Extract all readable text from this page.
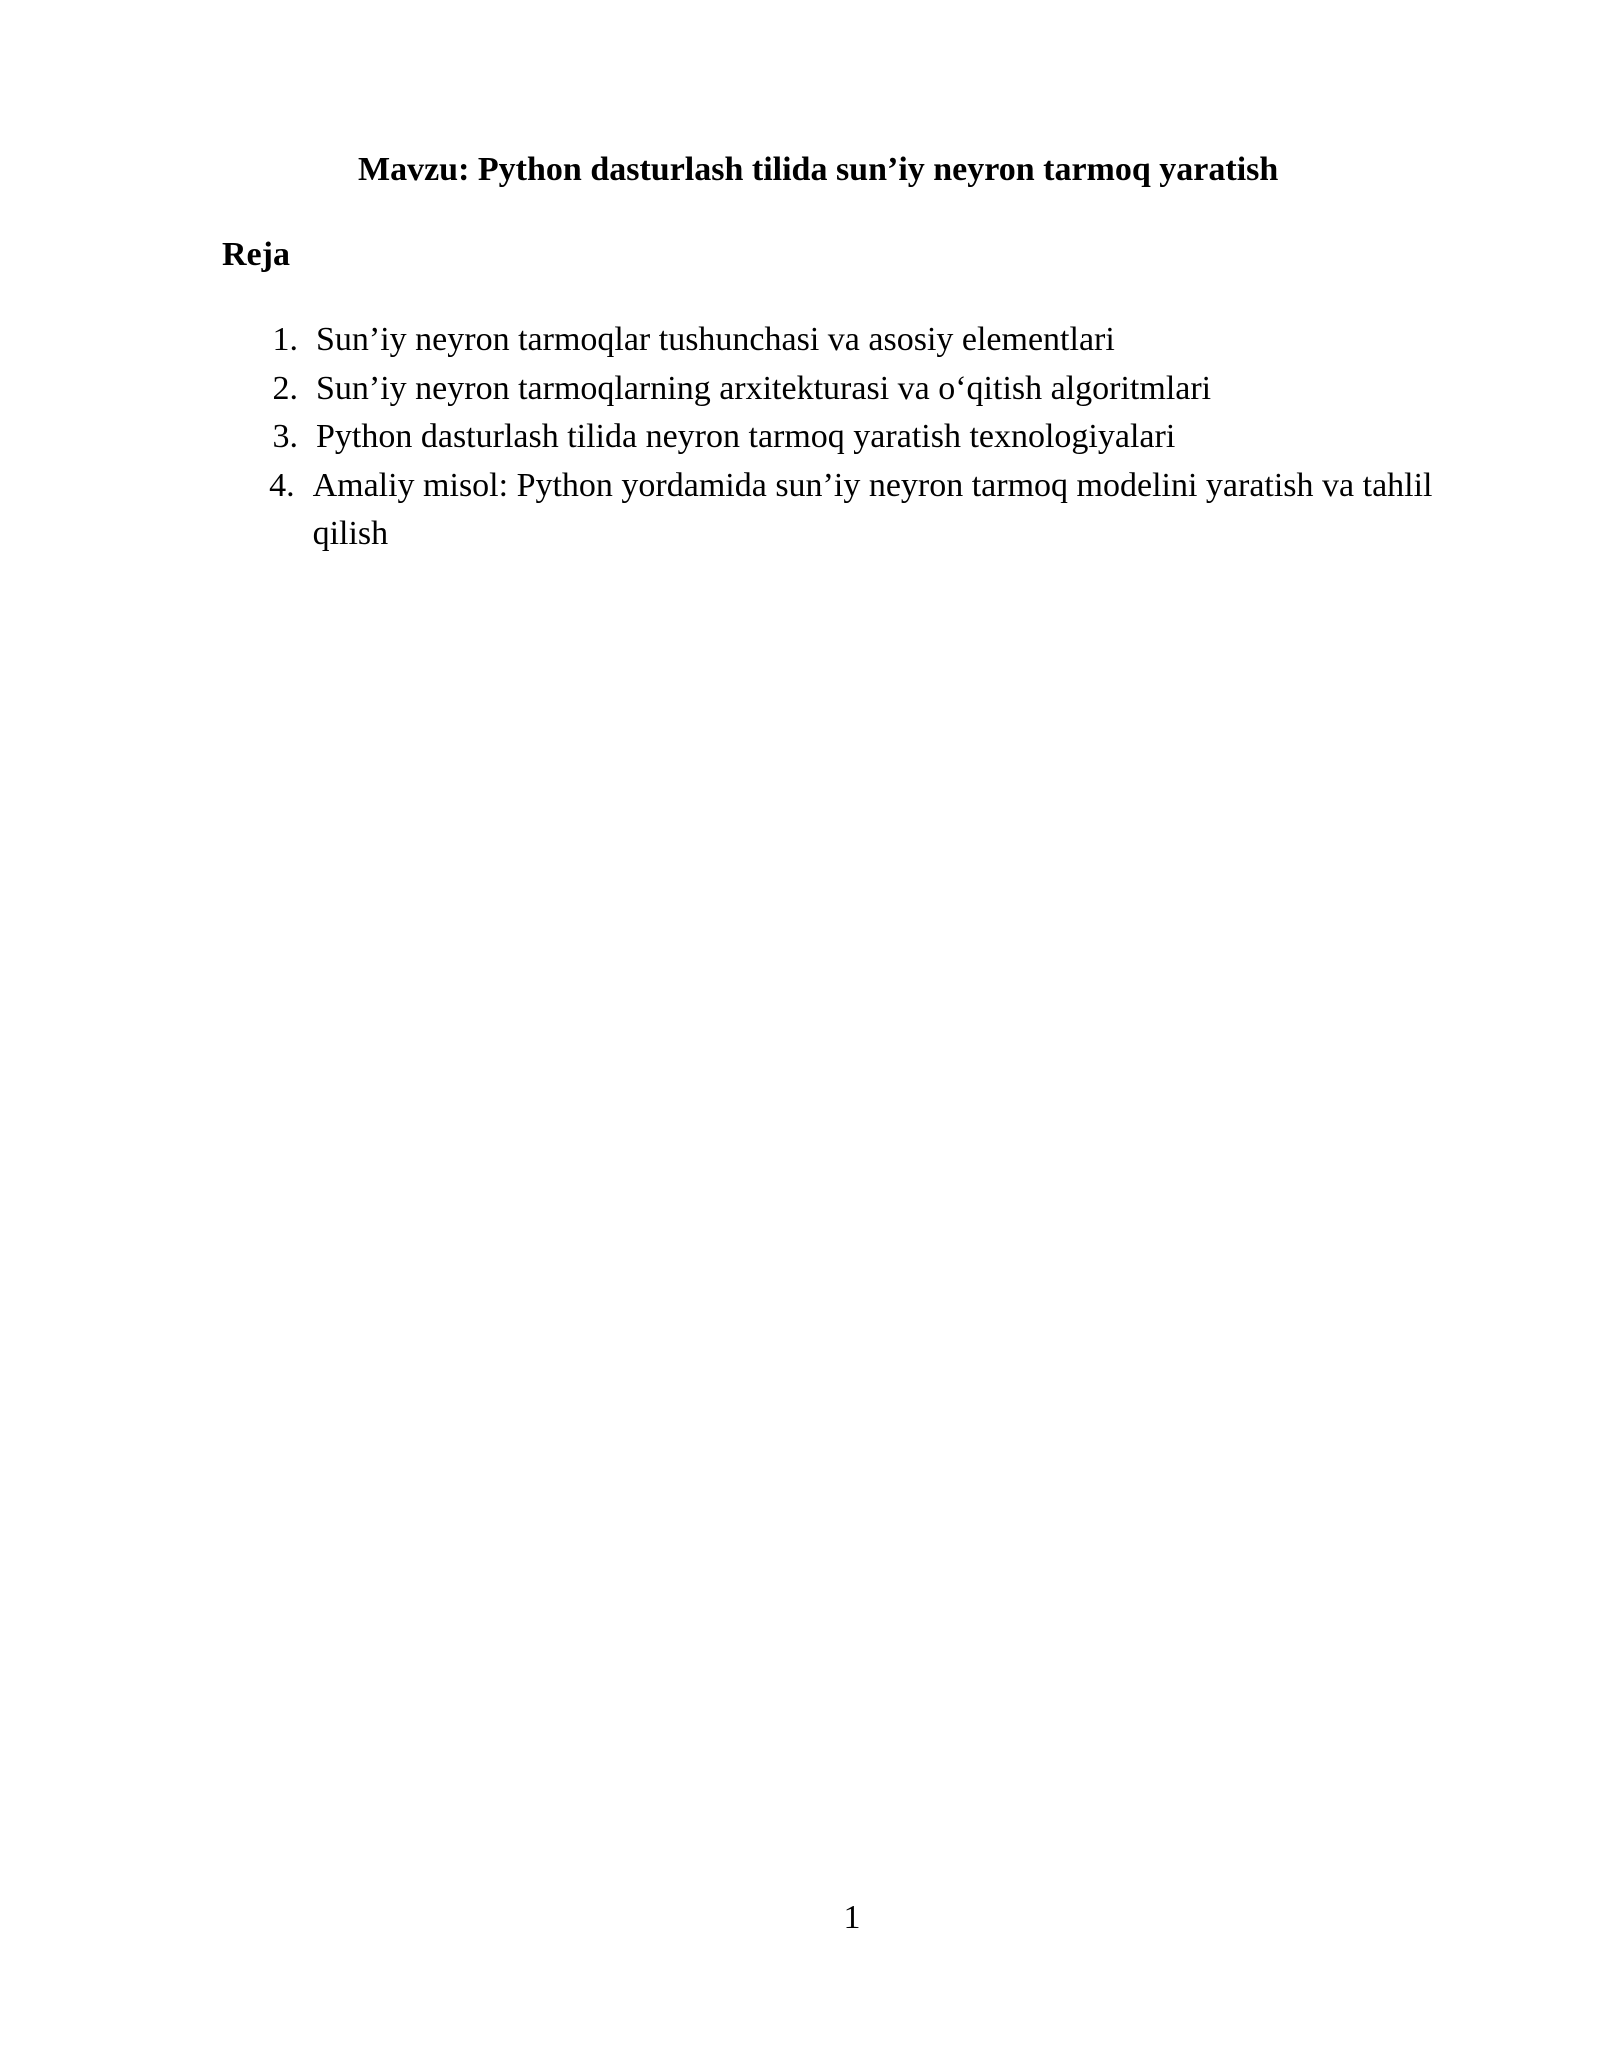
Mavzu: Python dasturlash tilida sun’iy neyron tarmoq yaratish
Reja
1. Sun’iy neyron tarmoqlar tushunchasi va asosiy elementlari
2. Sun’iy neyron tarmoqlarning arxitekturasi va o‘qitish algoritmlari
3. Python dasturlash tilida neyron tarmoq yaratish texnologiyalari
4. Amaliy misol: Python yordamida sun’iy neyron tarmoq modelini yaratish va tahlil qilish

1
